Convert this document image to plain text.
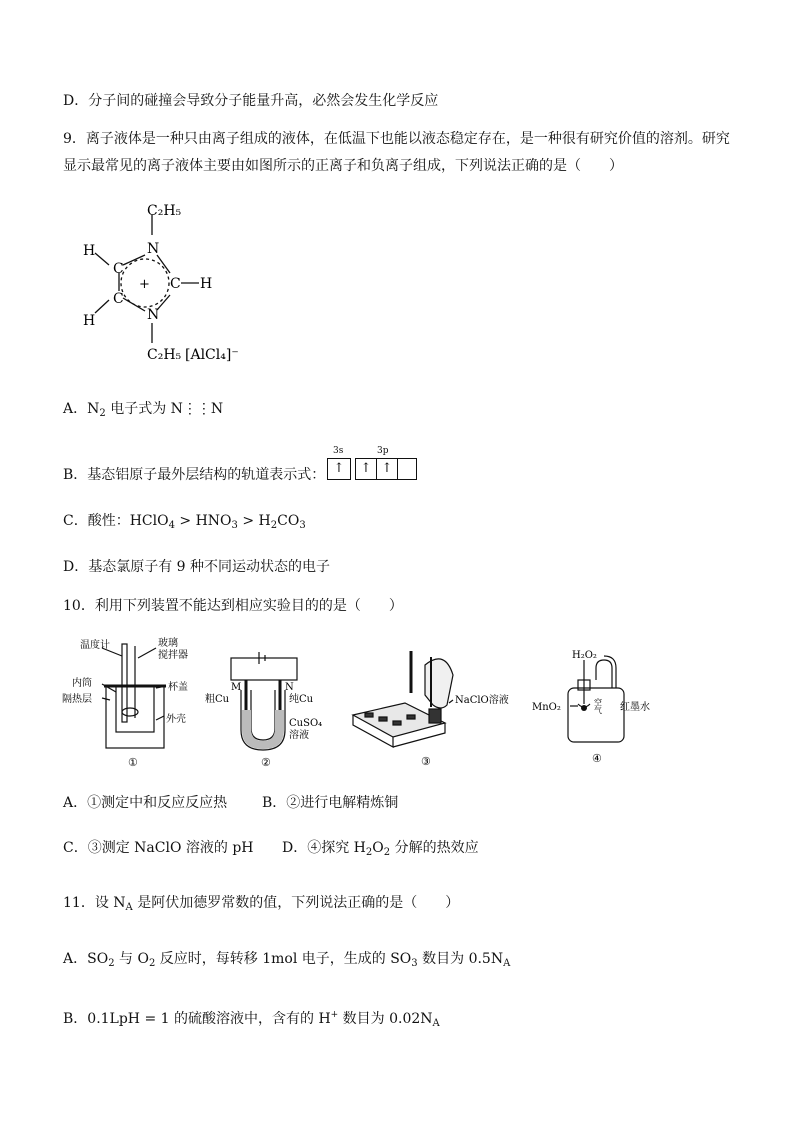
D．分子间的碰撞会导致分子能量升高，必然会发生化学反应
9．离子液体是一种只由离子组成的液体，在低温下也能以液态稳定存在，是一种很有研究价值的溶剂。研究
显示最常见的离子液体主要由如图所示的正离子和负离子组成，下列说法正确的是（　　）
C₂H₅
N
C
C
C
N
+
H
H
H
C₂H₅ [AlCl₄]⁻
A．$N_2$ 电子式为 N⋮⋮N
B．基态铝原子最外层结构的轨道表示式：
3s	3p
↑	↑ ↑
C．酸性：HClO$_4$ > $HNO_3 > H_2CO_3$
D．基态氯原子有 9 种不同运动状态的电子
10．利用下列装置不能达到相应实验目的的是（　　）
温度计	玻璃
搅拌器
内筒	杯盖
隔热层
外壳
①
M	N
粗Cu	纯Cu
CuSO₄
溶液
②
NaClO溶液
③
H₂O₂
MnO₂	空气 红墨水
④
A．①测定中和反应反应热 B．②进行电解精炼铜
C．③测定 NaClO 溶液的 pH D．④探究 $H_2O_2$ 分解的热效应
11．设 $N_A$ 是阿伏加德罗常数的值，下列说法正确的是（　　）
A．$SO_2$ 与 $O_2$ 反应时，每转移 1mol 电子，生成的 $SO_3$ 数目为 $0.5N_A$
B．0.1LpH = 1 的硫酸溶液中，含有的 H+ 数目为 $0.02N_A$
